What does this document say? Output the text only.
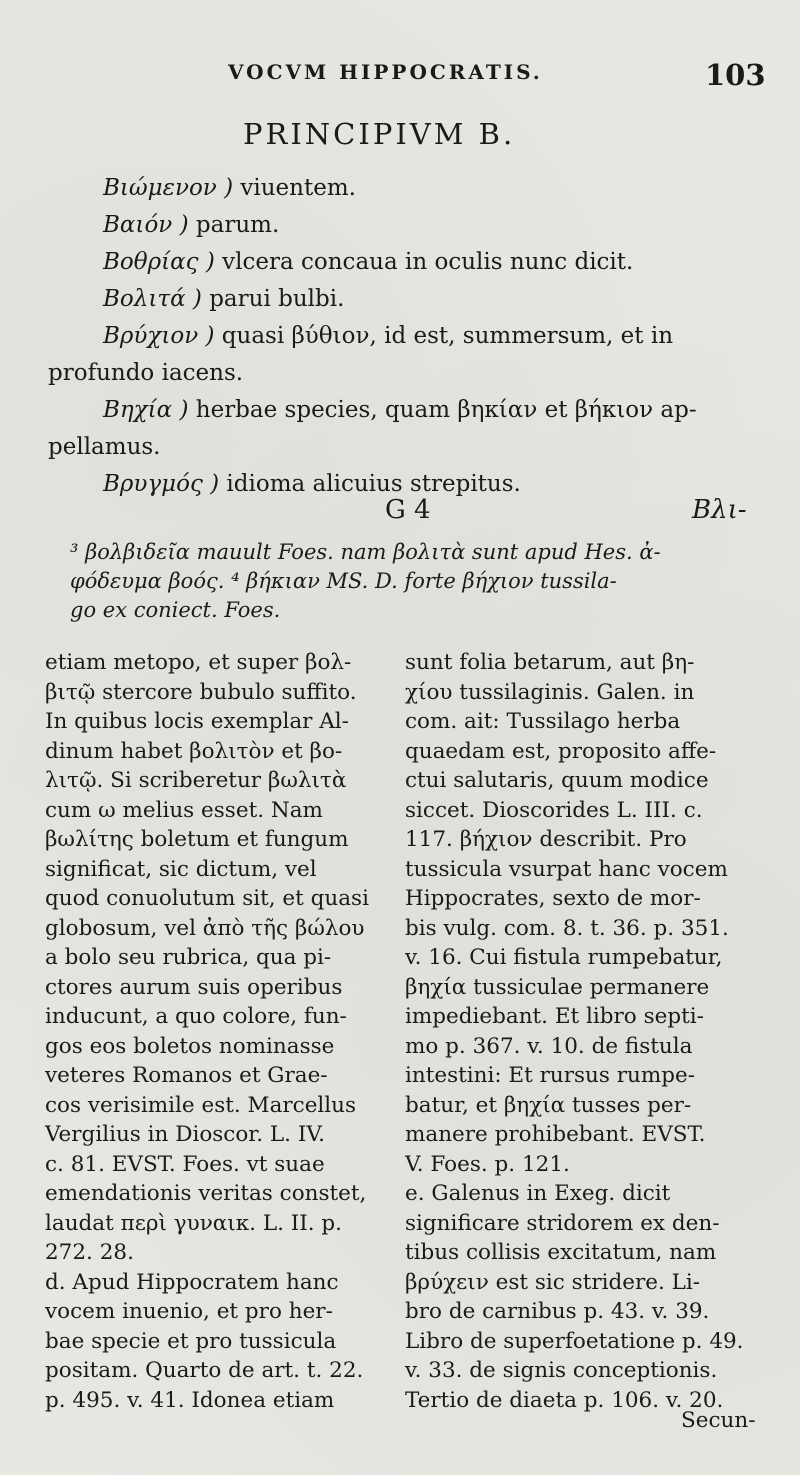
VOCVM HIPPOCRATIS.	103
PRINCIPIVM B.

Βιώμενον ) viuentem.

Βαιόν ) parum.

Βοθρίας ) vlcera concaua in oculis nunc dicit.

Βολιτά ) parui bulbi.

Βρύχιον ) quasi βύθιον, id est, summersum, et in

profundo iacens.

Βηχία ) herbae species, quam βηκίαν et βήκιον ap-

pellamus.

Βρυγμός ) idioma alicuius strepitus.

G 4	Βλι-

³ βολβιδεῖα mauult Foes. nam βολιτὰ sunt apud Hes. ἀ-

φόδευμα βοός. ⁴ βήκιαν MS. D. forte βήχιον tussila-

go ex coniect. Foes.

etiam metopo, et super βολ-

βιτῷ stercore bubulo suffito.

In quibus locis exemplar Al-

dinum habet βολιτὸν et βο-

λιτῷ. Si scriberetur βωλιτὰ

cum ω melius esset. Nam

βωλίτης boletum et fungum

significat, sic dictum, vel

quod conuolutum sit, et quasi

globosum, vel ἀπὸ τῆς βώλου

a bolo seu rubrica, qua pi-

ctores aurum suis operibus

inducunt, a quo colore, fun-

gos eos boletos nominasse

veteres Romanos et Grae-

cos verisimile est. Marcellus

Vergilius in Dioscor. L. IV.

c. 81. EVST. Foes. vt suae

emendationis veritas constet,

laudat περὶ γυναικ. L. II. p.

272. 28.

d. Apud Hippocratem hanc

vocem inuenio, et pro her-

bae specie et pro tussicula

positam. Quarto de art. t. 22.

p. 495. v. 41. Idonea etiam

sunt folia betarum, aut βη-

χίου tussilaginis. Galen. in

com. ait: Tussilago herba

quaedam est, proposito affe-

ctui salutaris, quum modice

siccet. Dioscorides L. III. c.

117. βήχιον describit. Pro

tussicula vsurpat hanc vocem

Hippocrates, sexto de mor-

bis vulg. com. 8. t. 36. p. 351.

v. 16. Cui fistula rumpebatur,

βηχία tussiculae permanere

impediebant. Et libro septi-

mo p. 367. v. 10. de fistula

intestini: Et rursus rumpe-

batur, et βηχία tusses per-

manere prohibebant. EVST.

V. Foes. p. 121.

e. Galenus in Exeg. dicit

significare stridorem ex den-

tibus collisis excitatum, nam

βρύχειν est sic stridere. Li-

bro de carnibus p. 43. v. 39.

Libro de superfoetatione p. 49.

v. 33. de signis conceptionis.

Tertio de diaeta p. 106. v. 20.

Secun-
